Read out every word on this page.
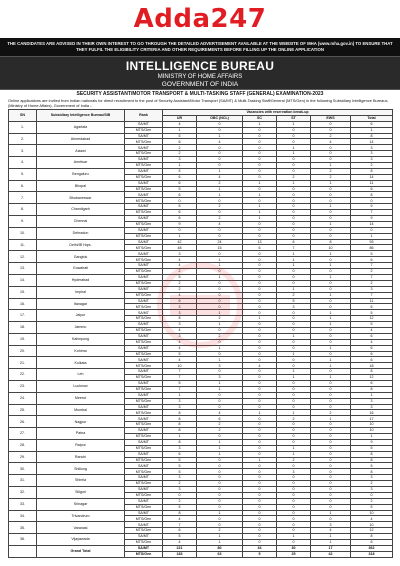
Adda247
THE CANDIDATES ARE ADVISED IN THEIR OWN INTEREST TO GO THROUGH THE DETAILED ADVERTISEMENT AVAILABLE AT THE WEBSITE OF MHA (www.mha.gov.in) TO ENSURE THAT THEY FULFIL THE ELIGIBILITY CRITERIA AND OTHER REQUIREMENTS BEFORE FILLING UP THE ONLINE APPLICATION
INTELLIGENCE BUREAU
MINISTRY OF HOME AFFAIRS
GOVERNMENT OF INDIA
SECURITY ASSISTANT/MOTOR TRANSPORT & MULTI-TASKING STAFF (GENERAL) EXAMINATION-2023
Online applications are invited from Indian nationals for direct recruitment to the post of Security Assistant/Motor Transport (SA/MT) & Multi-Tasking Staff/General (MTS/Gen) in the following Subsidiary Intelligence Bureaux, (Ministry of Home Affairs), Government of India :-
SN	Subsidiary Intelligence Bureau/SIB	Rank	Vacancies with reservation break-up					
			UR	OBC (NCL)	SC	ST	EWS	Total
1.	Agartala	SA/MT	4	0	1	1	0	6
		MTS/Gen	1	0	0	0	0	1
2.	Ahmedabad	SA/MT	5	1	0	0	2	8
		MTS/Gen	6	4	0	0	4	14
3.	Aizawl	SA/MT	2	0	0	1	0	3
		MTS/Gen	2	0	0	1	0	3
4.	Amritsar	SA/MT	3	0	0	0	0	3
		MTS/Gen	1	0	0	0	1	2
5.	Bengaluru	SA/MT	5	1	0	0	2	8
		MTS/Gen	6	4	0	2	2	14
6.	Bhopal	SA/MT	6	2	1	1	1	11
		MTS/Gen	5	1	0	0	0	6
7.	Bhubaneswar	SA/MT	6	1	1	0	0	8
		MTS/Gen	0	0	0	0	0	0
8.	Chandigarh	SA/MT	5	2	1	0	1	9
		MTS/Gen	6	0	1	0	0	7
9.	Chennai	SA/MT	6	2	1	0	0	9
		MTS/Gen	9	4	0	0	1	14
10.	Dehradun	SA/MT	0	0	0	0	0	0
		MTS/Gen	1	0	0	0	0	1
11.	Delhi/IB Hqrs.	SA/MT	42	24	13	6	8	93
		MTS/Gen	48	15	6	7	10	86
12.	Gangtok	SA/MT	3	0	0	1	1	5
		MTS/Gen	4	1	0	1	0	6
13.	Guwahati	SA/MT	4	1	0	1	1	7
		MTS/Gen	2	0	0	0	0	2
14.	Hyderabad	SA/MT	5	1	0	0	1	7
		MTS/Gen	2	0	0	0	0	2
15.	Imphal	SA/MT	2	0	0	1	0	3
		MTS/Gen	4	0	0	2	1	7
16.	Itanagar	SA/MT	6	0	0	5	0	11
		MTS/Gen	3	0	0	3	0	6
17.	Jaipur	SA/MT	3	1	0	0	1	5
		MTS/Gen	8	2	1	0	1	12
18.	Jammu	SA/MT	3	1	0	0	1	5
		MTS/Gen	4	0	0	0	0	4
19.	Kalimpong	SA/MT	3	2	0	1	0	6
		MTS/Gen	4	0	0	0	0	4
20.	Kohima	SA/MT	4	1	0	0	1	6
		MTS/Gen	5	0	0	1	0	6
21.	Kolkata	SA/MT	4	1	0	0	1	6
		MTS/Gen	10	3	4	0	1	18
22.	Leh	SA/MT	7	0	0	1	0	8
		MTS/Gen	7	3	0	1	1	12
23.	Lucknow	SA/MT	5	1	0	0	0	6
		MTS/Gen	7	1	0	0	0	8
24.	Meerut	SA/MT	1	0	0	0	0	1
		MTS/Gen	3	0	0	0	0	3
25.	Mumbai	SA/MT	3	0	0	0	0	3
		MTS/Gen	8	4	1	1	2	16
26.	Nagpur	SA/MT	8	6	0	2	1	17
		MTS/Gen	8	2	0	0	0	10
27.	Patna	SA/MT	8	2	0	0	0	10
		MTS/Gen	1	0	0	0	0	1
28.	Raipur	SA/MT	8	1	0	0	0	9
		MTS/Gen	3	1	0	1	0	5
29.	Ranchi	SA/MT	6	1	0	1	0	8
		MTS/Gen	5	0	1	2	0	8
30.	Shillong	SA/MT	5	0	0	0	0	5
		MTS/Gen	5	0	0	3	0	8
31.	Shimla	SA/MT	3	0	0	0	0	3
		MTS/Gen	2	0	0	0	0	2
32.	Siliguri	SA/MT	3	0	0	0	0	3
		MTS/Gen	0	0	0	0	0	0
33.	Srinagar	SA/MT	2	0	0	0	0	2
		MTS/Gen	5	0	0	0	0	5
34.	Trivandrum	SA/MT	8	1	0	0	1	10
		MTS/Gen	4	0	0	0	0	4
35.	Varanasi	SA/MT	7	0	0	0	3	10
		MTS/Gen	6	2	0	0	4	12
36.	Vijayawada	SA/MT	5	1	0	1	1	8
		MTS/Gen	4	1	0	0	1	6
	Grand Total	SA/MT	221	80	34	30	17	362
		MTS/Gen	183	63	5	25	42	318
